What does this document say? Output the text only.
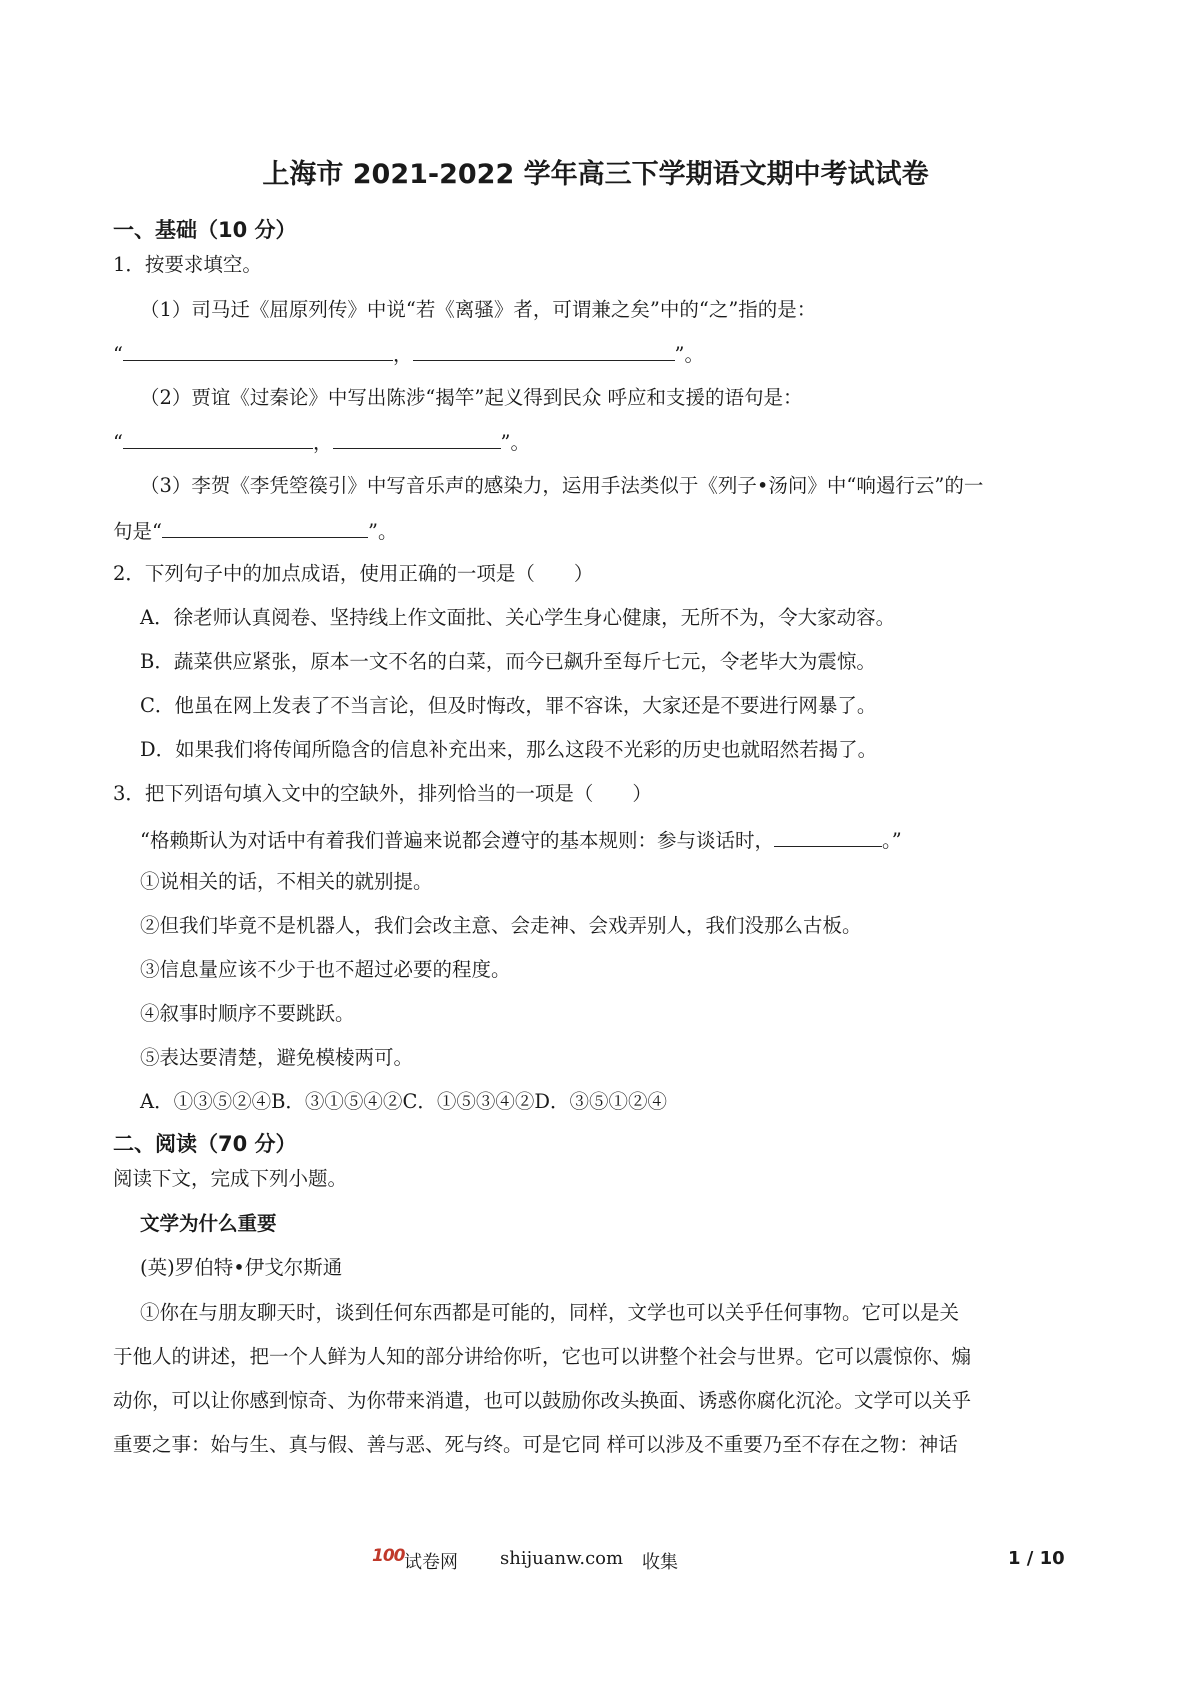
上海市 2021-2022 学年高三下学期语文期中考试试卷
一、基础（10 分）
1．按要求填空。
（1）司马迁《屈原列传》中说“若《离骚》者，可谓兼之矣”中的“之”指的是：
“	，	”。
（2）贾谊《过秦论》中写出陈涉“揭竿”起义得到民众 呼应和支援的语句是：
“	，	”。
（3）李贺《李凭箜篌引》中写音乐声的感染力，运用手法类似于《列子•汤问》中“响遏行云”的一
句是“	”。
2．下列句子中的加点成语，使用正确的一项是（　　）
A．徐老师认真阅卷、坚持线上作文面批、关心学生身心健康，无所不为，令大家动容。
B．蔬菜供应紧张，原本一文不名的白菜，而今已飙升至每斤七元，令老毕大为震惊。
C．他虽在网上发表了不当言论，但及时悔改，罪不容诛，大家还是不要进行网暴了。
D．如果我们将传闻所隐含的信息补充出来，那么这段不光彩的历史也就昭然若揭了。
3．把下列语句填入文中的空缺外，排列恰当的一项是（　　）
“格赖斯认为对话中有着我们普遍来说都会遵守的基本规则：参与谈话时，	。”
①说相关的话，不相关的就别提。
②但我们毕竟不是机器人，我们会改主意、会走神、会戏弄别人，我们没那么古板。
③信息量应该不少于也不超过必要的程度。
④叙事时顺序不要跳跃。
⑤表达要清楚，避免模棱两可。
A．①③⑤②④B．③①⑤④②C．①⑤③④②D．③⑤①②④
二、阅读（70 分）
阅读下文，完成下列小题。
文学为什么重要
(英)罗伯特•伊戈尔斯通
①你在与朋友聊天时，谈到任何东西都是可能的，同样，文学也可以关乎任何事物。它可以是关
于他人的讲述，把一个人鲜为人知的部分讲给你听，它也可以讲整个社会与世界。它可以震惊你、煽
动你，可以让你感到惊奇、为你带来消遣，也可以鼓励你改头换面、诱惑你腐化沉沦。文学可以关乎
重要之事：始与生、真与假、善与恶、死与终。可是它同 样可以涉及不重要乃至不存在之物：神话
100 试卷网 shijuanw.com 收集	1 / 10
